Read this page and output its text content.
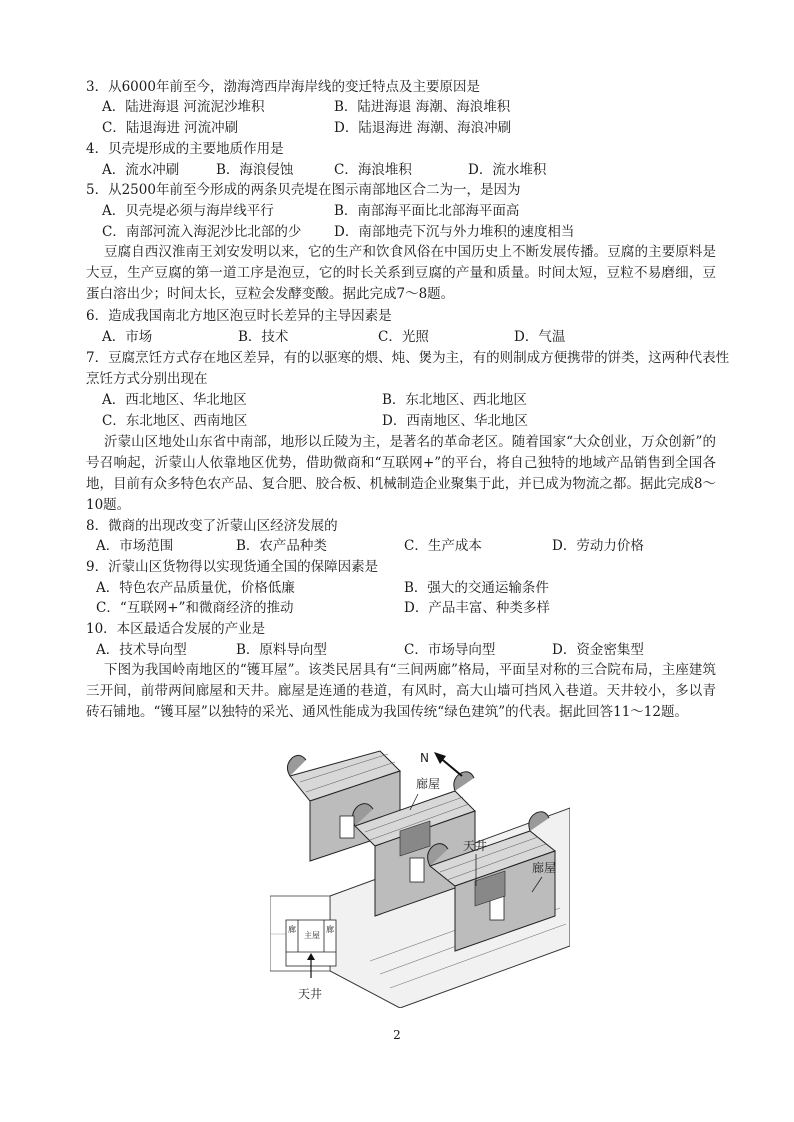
3．从6000年前至今，渤海湾西岸海岸线的变迁特点及主要原因是
A．陆进海退 河流泥沙堆积	B．陆进海退 海潮、海浪堆积
C．陆退海进 河流冲刷	D．陆退海进 海潮、海浪冲刷
4．贝壳堤形成的主要地质作用是
A．流水冲刷	B．海浪侵蚀	C．海浪堆积	D．流水堆积
5．从2500年前至今形成的两条贝壳堤在图示南部地区合二为一，是因为
A．贝壳堤必须与海岸线平行	B．南部海平面比北部海平面高
C．南部河流入海泥沙比北部的少 D．南部地壳下沉与外力堆积的速度相当
豆腐自西汉淮南王刘安发明以来，它的生产和饮食风俗在中国历史上不断发展传播。豆腐的主要原料是大豆，生产豆腐的第一道工序是泡豆，它的时长关系到豆腐的产量和质量。时间太短，豆粒不易磨细，豆蛋白溶出少；时间太长，豆粒会发酵变酸。据此完成7～8题。
6．造成我国南北方地区泡豆时长差异的主导因素是
A．市场	B．技术	C．光照	D．气温
7．豆腐烹饪方式存在地区差异，有的以驱寒的煨、炖、煲为主，有的则制成方便携带的饼类，这两种代表性
烹饪方式分别出现在
A．西北地区、华北地区	B．东北地区、西北地区
C．东北地区、西南地区	D．西南地区、华北地区
沂蒙山区地处山东省中南部，地形以丘陵为主，是著名的革命老区。随着国家“大众创业，万众创新”的号召响起，沂蒙山人依靠地区优势，借助微商和“互联网+”的平台，将自己独特的地域产品销售到全国各地，目前有众多特色农产品、复合肥、胶合板、机械制造企业聚集于此，并已成为物流之都。据此完成8～10题。
8．微商的出现改变了沂蒙山区经济发展的
A．市场范围	B．农产品种类	C．生产成本	D．劳动力价格
9．沂蒙山区货物得以实现货通全国的保障因素是
A．特色农产品质量优，价格低廉	B．强大的交通运输条件
C．“互联网+”和微商经济的推动	D．产品丰富、种类多样
10．本区最适合发展的产业是
A．技术导向型	B．原料导向型	C．市场导向型	D．资金密集型
下图为我国岭南地区的“镬耳屋”。该类民居具有“三间两廊”格局，平面呈对称的三合院布局，主座建筑三开间，前带两间廊屋和天井。廊屋是连通的巷道，有风时，高大山墙可挡风入巷道。天井较小，多以青砖石铺地。“镬耳屋”以独特的采光、通风性能成为我国传统“绿色建筑”的代表。据此回答11～12题。
N
廊屋
天井
廊屋
廊
主屋
廊
天井
2
